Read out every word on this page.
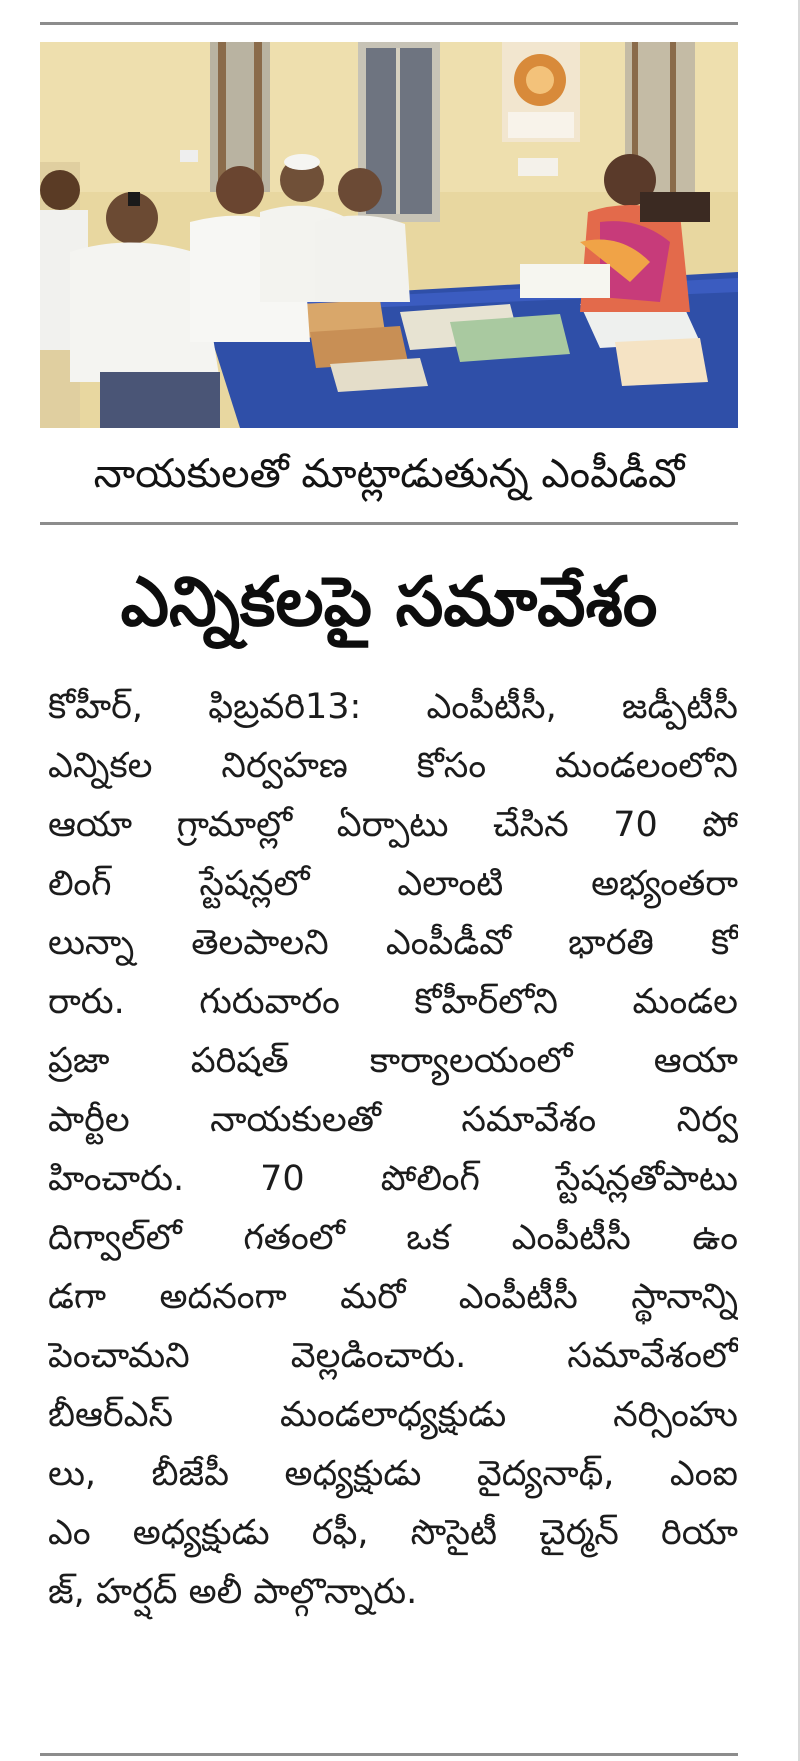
నాయకులతో మాట్లాడుతున్న ఎంపీడీవో
ఎన్నికలపై సమావేశం
కోహీర్, ఫిబ్రవరి13: ఎంపీటీసీ, జడ్పీటీసీ
ఎన్నికల నిర్వహణ కోసం మండలంలోని
ఆయా గ్రామాల్లో ఏర్పాటు చేసిన 70 పో
లింగ్ స్టేషన్లలో ఎలాంటి అభ్యంతరా
లున్నా తెలపాలని ఎంపీడీవో భారతి కో
రారు. గురువారం కోహీర్‌లోని మండల
ప్రజా పరిషత్ కార్యాలయంలో ఆయా
పార్టీల నాయకులతో సమావేశం నిర్వ
హించారు. 70 పోలింగ్ స్టేషన్లతోపాటు
దిగ్వాల్‌లో గతంలో ఒక ఎంపీటీసీ ఉం
డగా అదనంగా మరో ఎంపీటీసీ స్థానాన్ని
పెంచామని వెల్లడించారు. సమావేశంలో
బీఆర్ఎస్ మండలాధ్యక్షుడు నర్సింహు
లు, బీజేపీ అధ్యక్షుడు వైద్యనాథ్, ఎంఐ
ఎం అధ్యక్షుడు రఫీ, సొసైటీ చైర్మన్ రియా
జ్, హర్షద్ అలీ పాల్గొన్నారు.
